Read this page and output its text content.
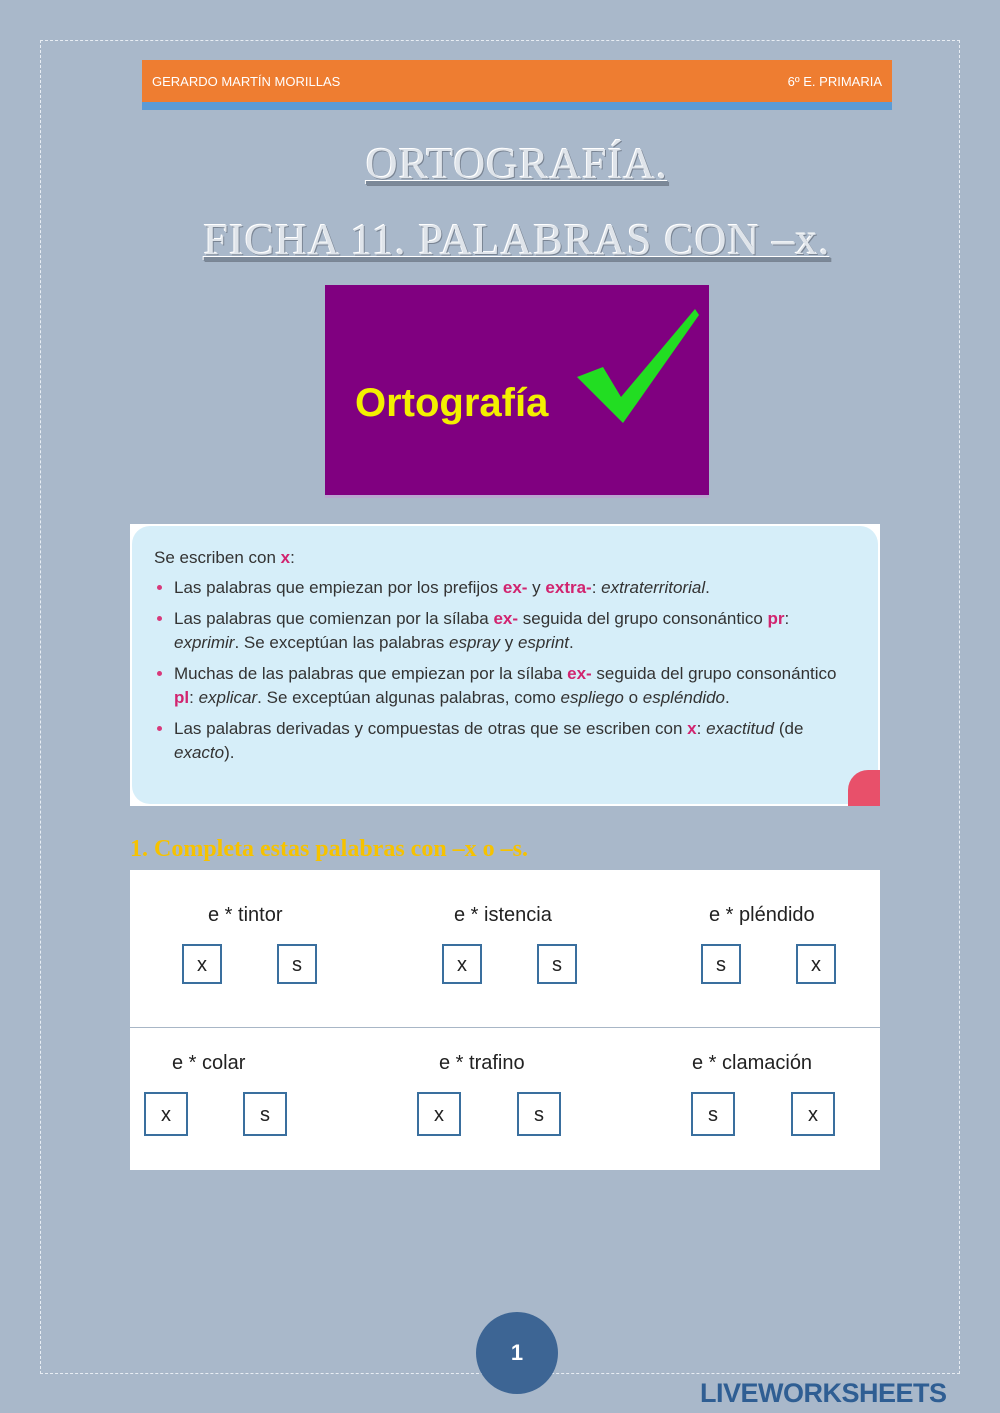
GERARDO MARTÍN MORILLAS	6º E. PRIMARIA
ORTOGRAFÍA.
FICHA 11. PALABRAS CON –x.
Ortografía
Se escriben con x:
• Las palabras que empiezan por los prefijos ex- y extra-: extraterritorial.
• Las palabras que comienzan por la sílaba ex- seguida del grupo consonántico pr: exprimir. Se exceptúan las palabras espray y esprint.
• Muchas de las palabras que empiezan por la sílaba ex- seguida del grupo consonántico pl: explicar. Se exceptúan algunas palabras, como espliego o espléndido.
• Las palabras derivadas y compuestas de otras que se escriben con x: exactitud (de exacto).
1. Completa estas palabras con –x o –s.
e * tintor
x	s
e * istencia
x	s
e * pléndido
s	x
e * colar
x	s
e * trafino
x	s
e * clamación
s	x
1
LIVEWORKSHEETS
